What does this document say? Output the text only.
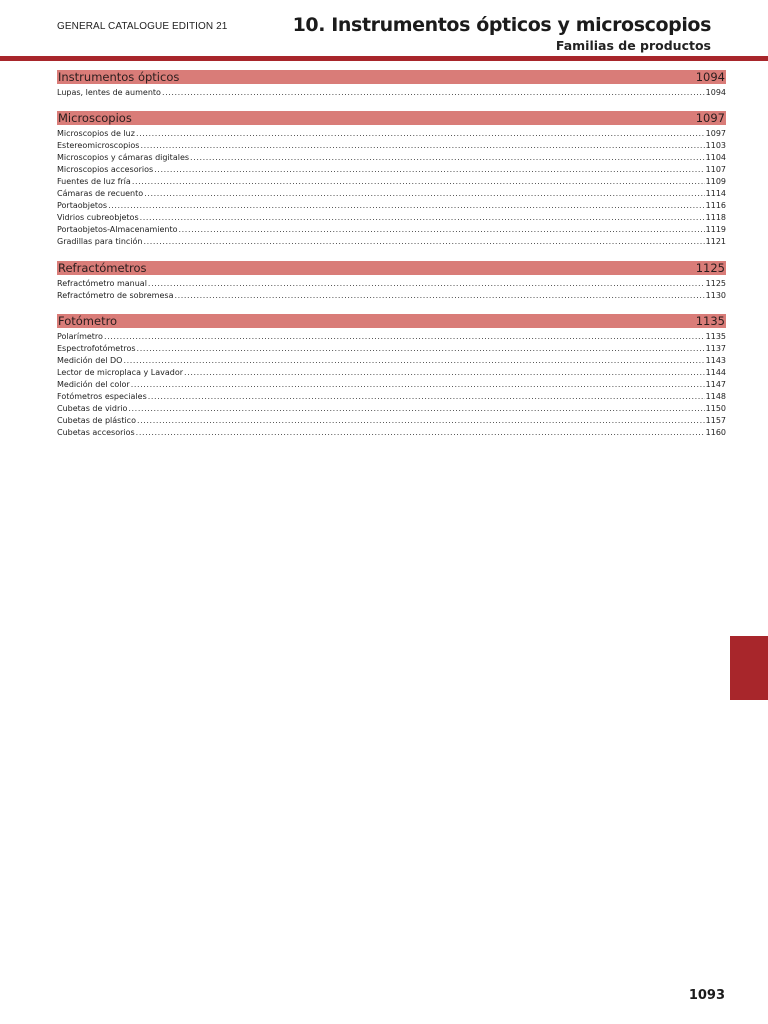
GENERAL CATALOGUE EDITION 21	10. Instrumentos ópticos y microscopios
Familias de productos
Instrumentos ópticos	1094
Lupas, lentes de aumento .....	1094
Microscopios	1097
Microscopios de luz .....	1097
Estereomicroscopios .....	1103
Microscopios y cámaras digitales .....	1104
Microscopios accesorios .....	1107
Fuentes de luz fría .....	1109
Cámaras de recuento .....	1114
Portaobjetos .....	1116
Vidrios cubreobjetos .....	1118
Portaobjetos-Almacenamiento .....	1119
Gradillas para tinción .....	1121
Refractómetros	1125
Refractómetro manual .....	1125
Refractómetro de sobremesa .....	1130
Fotómetro	1135
Polarímetro .....	1135
Espectrofotómetros .....	1137
Medición del DO .....	1143
Lector de microplaca y Lavador .....	1144
Medición del color .....	1147
Fotómetros especiales .....	1148
Cubetas de vidrio .....	1150
Cubetas de plástico .....	1157
Cubetas accesorios .....	1160
1093
